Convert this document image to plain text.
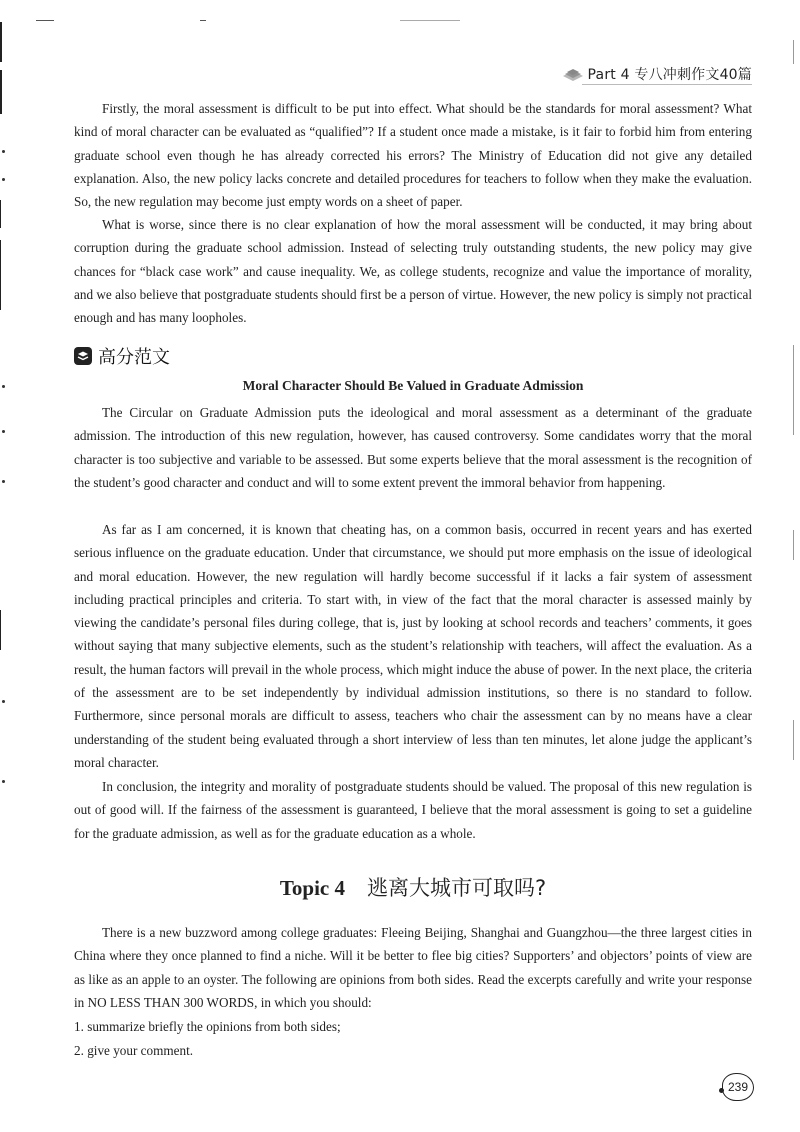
Part 4 专八冲刺作文40篇

Firstly, the moral assessment is difficult to be put into effect. What should be the standards for moral assessment? What kind of moral character can be evaluated as “qualified”? If a student once made a mistake, is it fair to forbid him from entering graduate school even though he has already corrected his errors? The Ministry of Education did not give any detailed explanation. Also, the new policy lacks concrete and detailed procedures for teachers to follow when they make the evaluation. So, the new regulation may become just empty words on a sheet of paper.

What is worse, since there is no clear explanation of how the moral assessment will be conducted, it may bring about corruption during the graduate school admission. Instead of selecting truly outstanding students, the new policy may give chances for “black case work” and cause inequality. We, as college students, recognize and value the importance of morality, and we also believe that postgraduate students should first be a person of virtue. However, the new policy is simply not practical enough and has many loopholes.

高分范文
Moral Character Should Be Valued in Graduate Admission

The Circular on Graduate Admission puts the ideological and moral assessment as a determinant of the graduate admission. The introduction of this new regulation, however, has caused controversy. Some candidates worry that the moral character is too subjective and variable to be assessed. But some experts believe that the moral assessment is the recognition of the student’s good character and conduct and will to some extent prevent the immoral behavior from happening.

As far as I am concerned, it is known that cheating has, on a common basis, occurred in recent years and has exerted serious influence on the graduate education. Under that circumstance, we should put more emphasis on the issue of ideological and moral education. However, the new regulation will hardly become successful if it lacks a fair system of assessment including practical principles and criteria. To start with, in view of the fact that the moral character is assessed mainly by viewing the candidate’s personal files during college, that is, just by looking at school records and teachers’ comments, it goes without saying that many subjective elements, such as the student’s relationship with teachers, will affect the evaluation. As a result, the human factors will prevail in the whole process, which might induce the abuse of power. In the next place, the criteria of the assessment are to be set independently by individual admission institutions, so there is no standard to follow. Furthermore, since personal morals are difficult to assess, teachers who chair the assessment can by no means have a clear understanding of the student being evaluated through a short interview of less than ten minutes, let alone judge the applicant’s moral character.

In conclusion, the integrity and morality of postgraduate students should be valued. The proposal of this new regulation is out of good will. If the fairness of the assessment is guaranteed, I believe that the moral assessment is going to set a guideline for the graduate admission, as well as for the graduate education as a whole.

Topic 4 逃离大城市可取吗?

There is a new buzzword among college graduates: Fleeing Beijing, Shanghai and Guangzhou—the three largest cities in China where they once planned to find a niche. Will it be better to flee big cities? Supporters’ and objectors’ points of view are as like as an apple to an oyster. The following are opinions from both sides. Read the excerpts carefully and write your response in NO LESS THAN 300 WORDS, in which you should:

1. summarize briefly the opinions from both sides;
2. give your comment.
239
